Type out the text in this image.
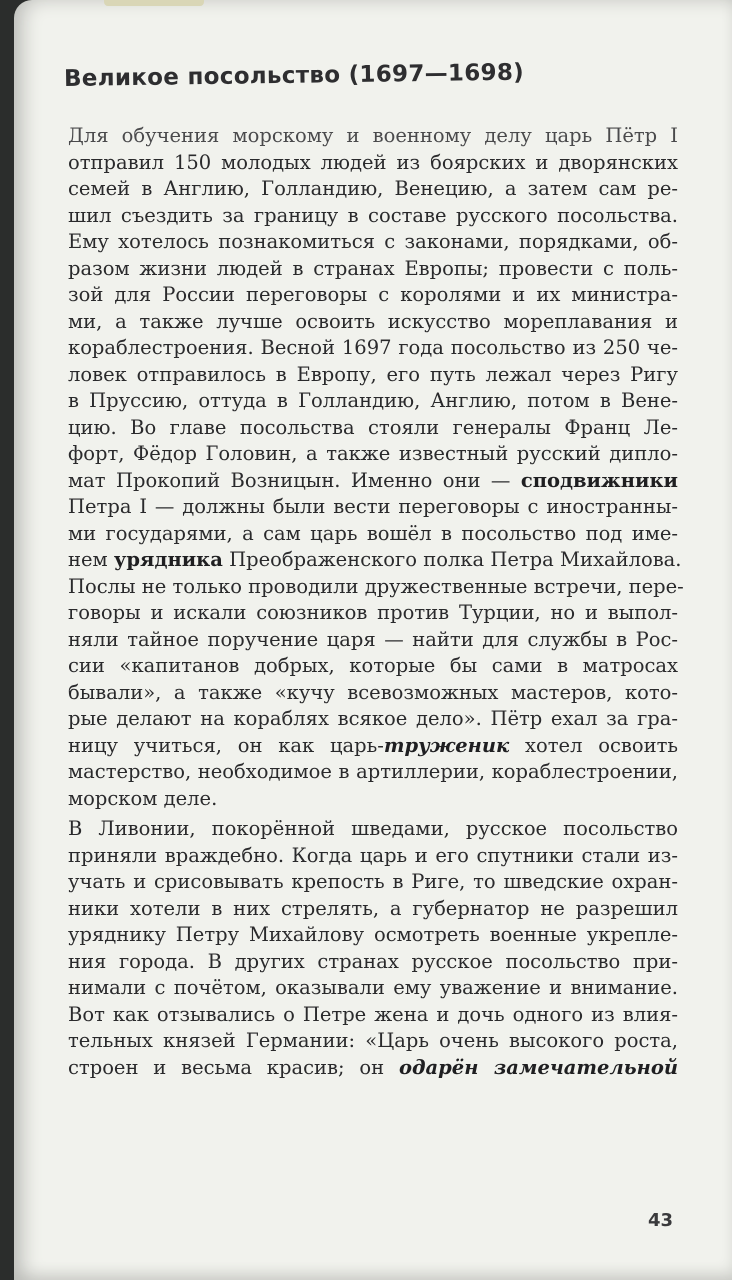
Великое посольство (1697—1698)

Для обучения морскому и военному делу царь Пётр I
отправил 150 молодых людей из боярских и дворянских
семей в Англию, Голландию, Венецию, а затем сам ре-
шил съездить за границу в составе русского посольства.
Ему хотелось познакомиться с законами, порядками, об-
разом жизни людей в странах Европы; провести с поль-
зой для России переговоры с королями и их министра-
ми, а также лучше освоить искусство мореплавания и
кораблестроения. Весной 1697 года посольство из 250 че-
ловек отправилось в Европу, его путь лежал через Ригу
в Пруссию, оттуда в Голландию, Англию, потом в Вене-
цию. Во главе посольства стояли генералы Франц Ле-
форт, Фёдор Головин, а также известный русский дипло-
мат Прокопий Возницын. Именно они — сподвижники
Петра I — должны были вести переговоры с иностранны-
ми государями, а сам царь вошёл в посольство под име-
нем урядника Преображенского полка Петра Михайлова.
Послы не только проводили дружественные встречи, пере-
говоры и искали союзников против Турции, но и выпол-
няли тайное поручение царя — найти для службы в Рос-
сии «капитанов добрых, которые бы сами в матросах
бывали», а также «кучу всевозможных мастеров, кото-
рые делают на кораблях всякое дело». Пётр ехал за гра-
ницу учиться, он как царь-труженик хотел освоить
мастерство, необходимое в артиллерии, кораблестроении,
морском деле.

В Ливонии, покорённой шведами, русское посольство
приняли враждебно. Когда царь и его спутники стали из-
учать и срисовывать крепость в Риге, то шведские охран-
ники хотели в них стрелять, а губернатор не разрешил
уряднику Петру Михайлову осмотреть военные укрепле-
ния города. В других странах русское посольство при-
нимали с почётом, оказывали ему уважение и внимание.
Вот как отзывались о Петре жена и дочь одного из влия-
тельных князей Германии: «Царь очень высокого роста,
строен и весьма красив; он одарён замечательной

43
